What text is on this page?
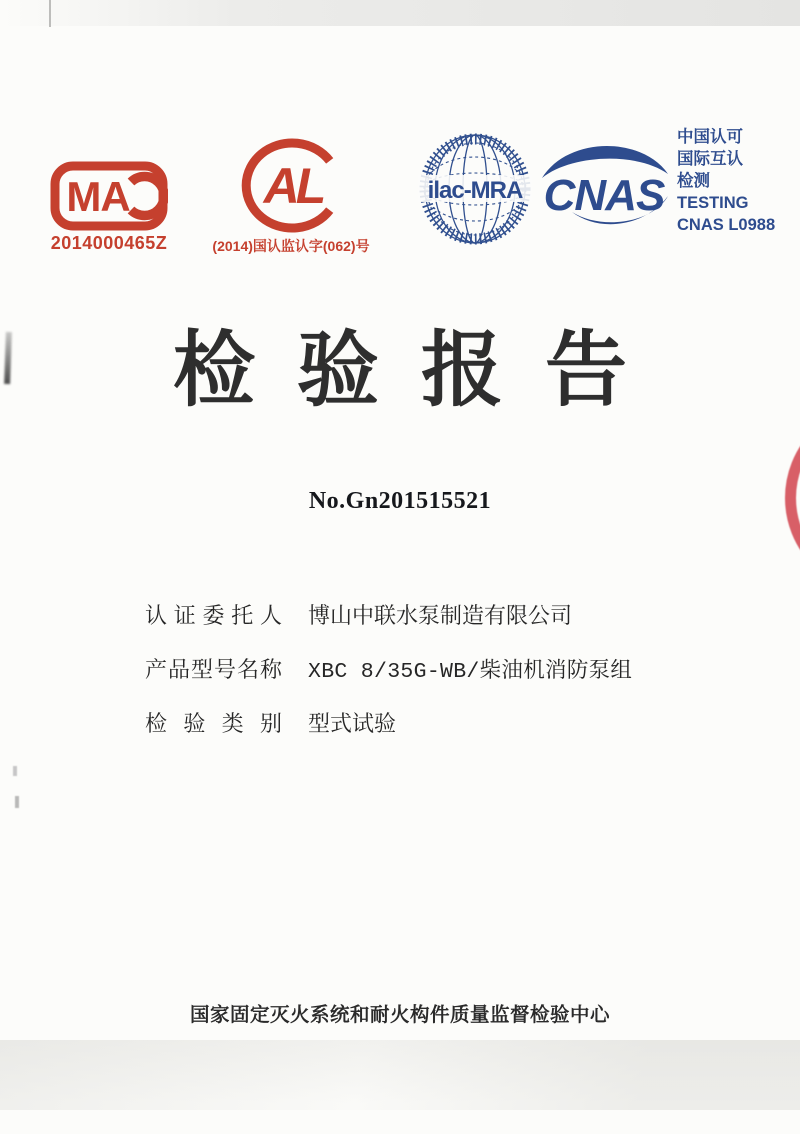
MA
2014000465Z
AL
(2014)国认监认字(062)号
ilac-MRA CNAS
中国认可
国际互认
检测
TESTING
CNAS L0988
检验报告
No.Gn201515521
认证委托人 博山中联水泵制造有限公司
产品型号名称 XBC 8/35G-WB/柴油机消防泵组
检验类别 型式试验
国家固定灭火系统和耐火构件质量监督检验中心
